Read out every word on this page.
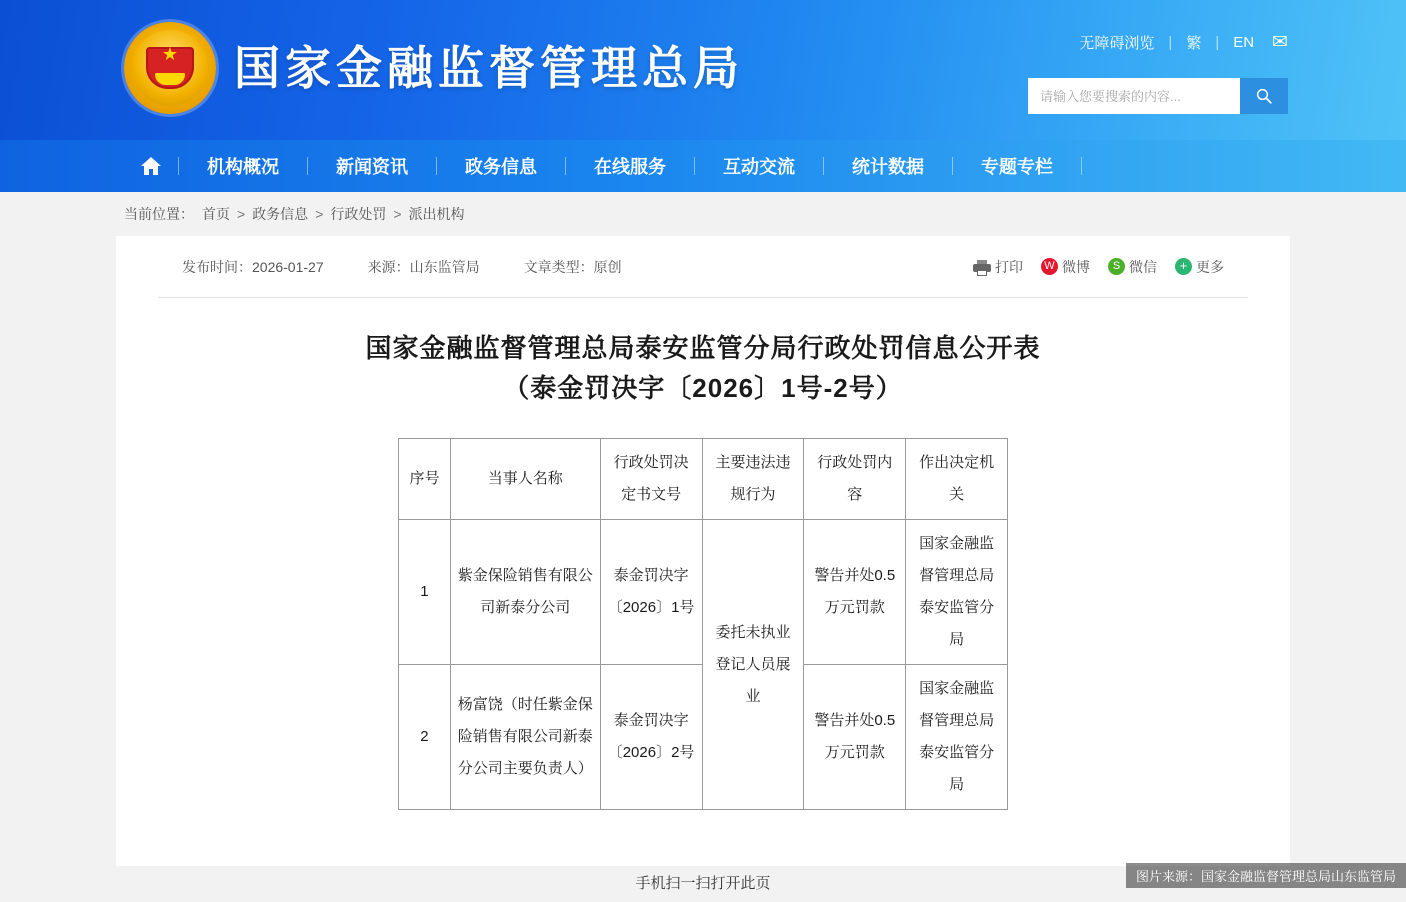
★
国家金融监督管理总局	无障碍浏览 | 繁 | EN ✉
请输入您要搜索的内容...
机构概况	新闻资讯	政务信息	在线服务	互动交流	统计数据	专题专栏
当前位置： 首页 > 政务信息 > 行政处罚 > 派出机构
发布时间：2026-01-27	来源：山东监管局	文章类型：原创	打印 W 微博	S 微信	+ 更多
国家金融监督管理总局泰安监管分局行政处罚信息公开表
（泰金罚决字〔2026〕1号-2号）
序号	当事人名称	行政处罚决定书文号	主要违法违规行为	行政处罚内容	作出决定机关
1	紫金保险销售有限公司新泰分公司	泰金罚决字〔2026〕1号	委托未执业登记人员展业	警告并处0.5万元罚款	国家金融监督管理总局泰安监管分局
2	杨富饶（时任紫金保险销售有限公司新泰分公司主要负责人）	泰金罚决字〔2026〕2号		警告并处0.5万元罚款	国家金融监督管理总局泰安监管分局
手机扫一扫打开此页	图片来源：国家金融监督管理总局山东监管局
